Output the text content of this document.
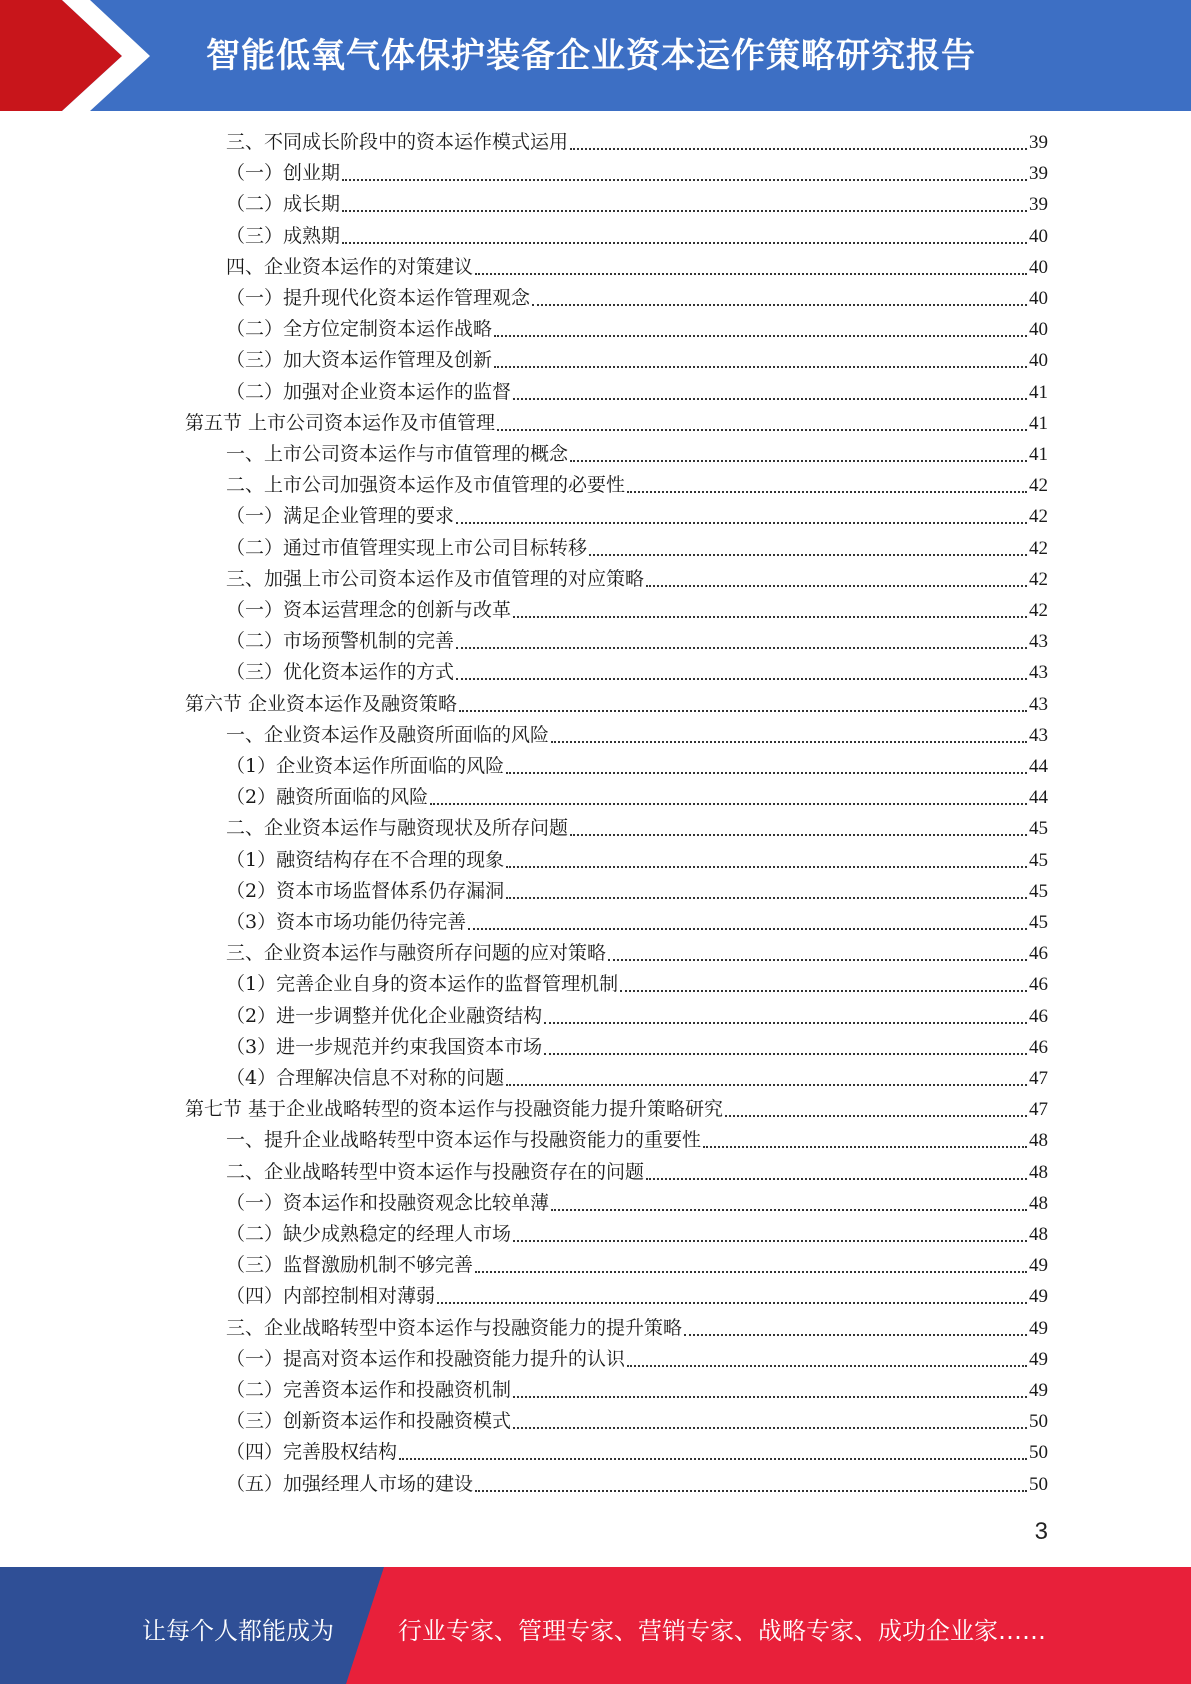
智能低氧气体保护装备企业资本运作策略研究报告
三、不同成长阶段中的资本运作模式运用	39
（一）创业期	39
（二）成长期	39
（三）成熟期	40
四、企业资本运作的对策建议	40
（一）提升现代化资本运作管理观念	40
（二）全方位定制资本运作战略	40
（三）加大资本运作管理及创新	40
（二）加强对企业资本运作的监督	41
第五节 上市公司资本运作及市值管理	41
一、上市公司资本运作与市值管理的概念	41
二、上市公司加强资本运作及市值管理的必要性	42
（一）满足企业管理的要求	42
（二）通过市值管理实现上市公司目标转移	42
三、加强上市公司资本运作及市值管理的对应策略	42
（一）资本运营理念的创新与改革	42
（二）市场预警机制的完善	43
（三）优化资本运作的方式	43
第六节 企业资本运作及融资策略	43
一、企业资本运作及融资所面临的风险	43
（1）企业资本运作所面临的风险	44
（2）融资所面临的风险	44
二、企业资本运作与融资现状及所存问题	45
（1）融资结构存在不合理的现象	45
（2）资本市场监督体系仍存漏洞	45
（3）资本市场功能仍待完善	45
三、企业资本运作与融资所存问题的应对策略	46
（1）完善企业自身的资本运作的监督管理机制	46
（2）进一步调整并优化企业融资结构	46
（3）进一步规范并约束我国资本市场	46
（4）合理解决信息不对称的问题	47
第七节 基于企业战略转型的资本运作与投融资能力提升策略研究	47
一、提升企业战略转型中资本运作与投融资能力的重要性	48
二、企业战略转型中资本运作与投融资存在的问题	48
（一）资本运作和投融资观念比较单薄	48
（二）缺少成熟稳定的经理人市场	48
（三）监督激励机制不够完善	49
（四）内部控制相对薄弱	49
三、企业战略转型中资本运作与投融资能力的提升策略	49
（一）提高对资本运作和投融资能力提升的认识	49
（二）完善资本运作和投融资机制	49
（三）创新资本运作和投融资模式	50
（四）完善股权结构	50
（五）加强经理人市场的建设	50
3
让每个人都能成为	行业专家、管理专家、营销专家、战略专家、成功企业家……
